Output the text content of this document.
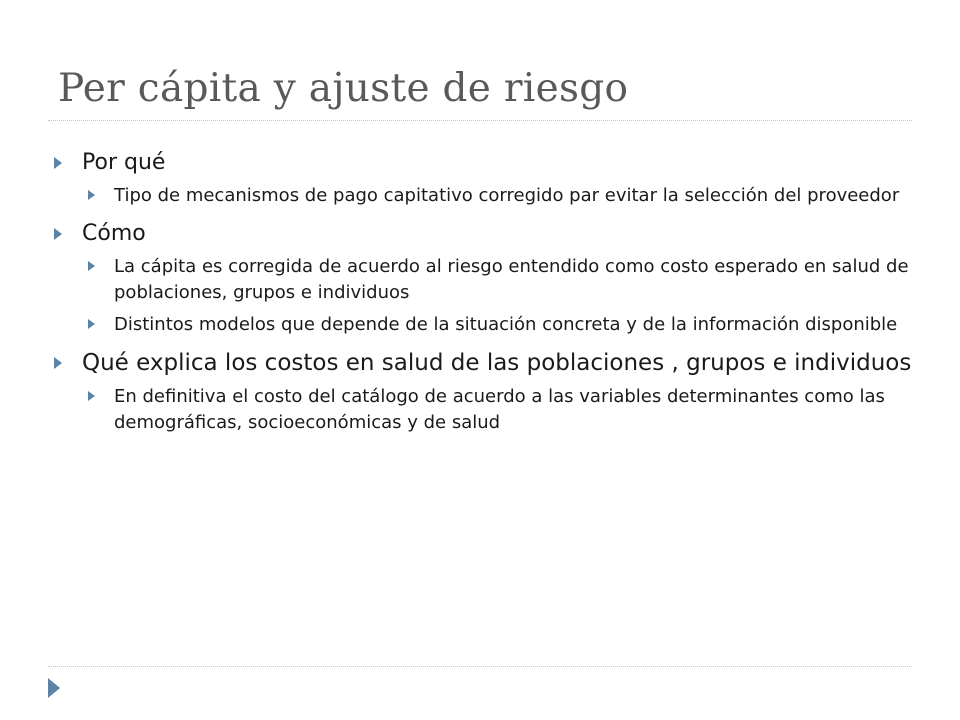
Per cápita y ajuste de riesgo
Por qué
Tipo de mecanismos de pago capitativo corregido par evitar la selección del proveedor
Cómo
La cápita es corregida de acuerdo al riesgo entendido como costo esperado en salud de poblaciones, grupos e individuos
Distintos modelos que depende de la situación concreta y de la información disponible
Qué explica los costos en salud de las poblaciones , grupos e individuos
En definitiva el costo del catálogo de acuerdo a las variables determinantes como las demográficas, socioeconómicas y de salud
